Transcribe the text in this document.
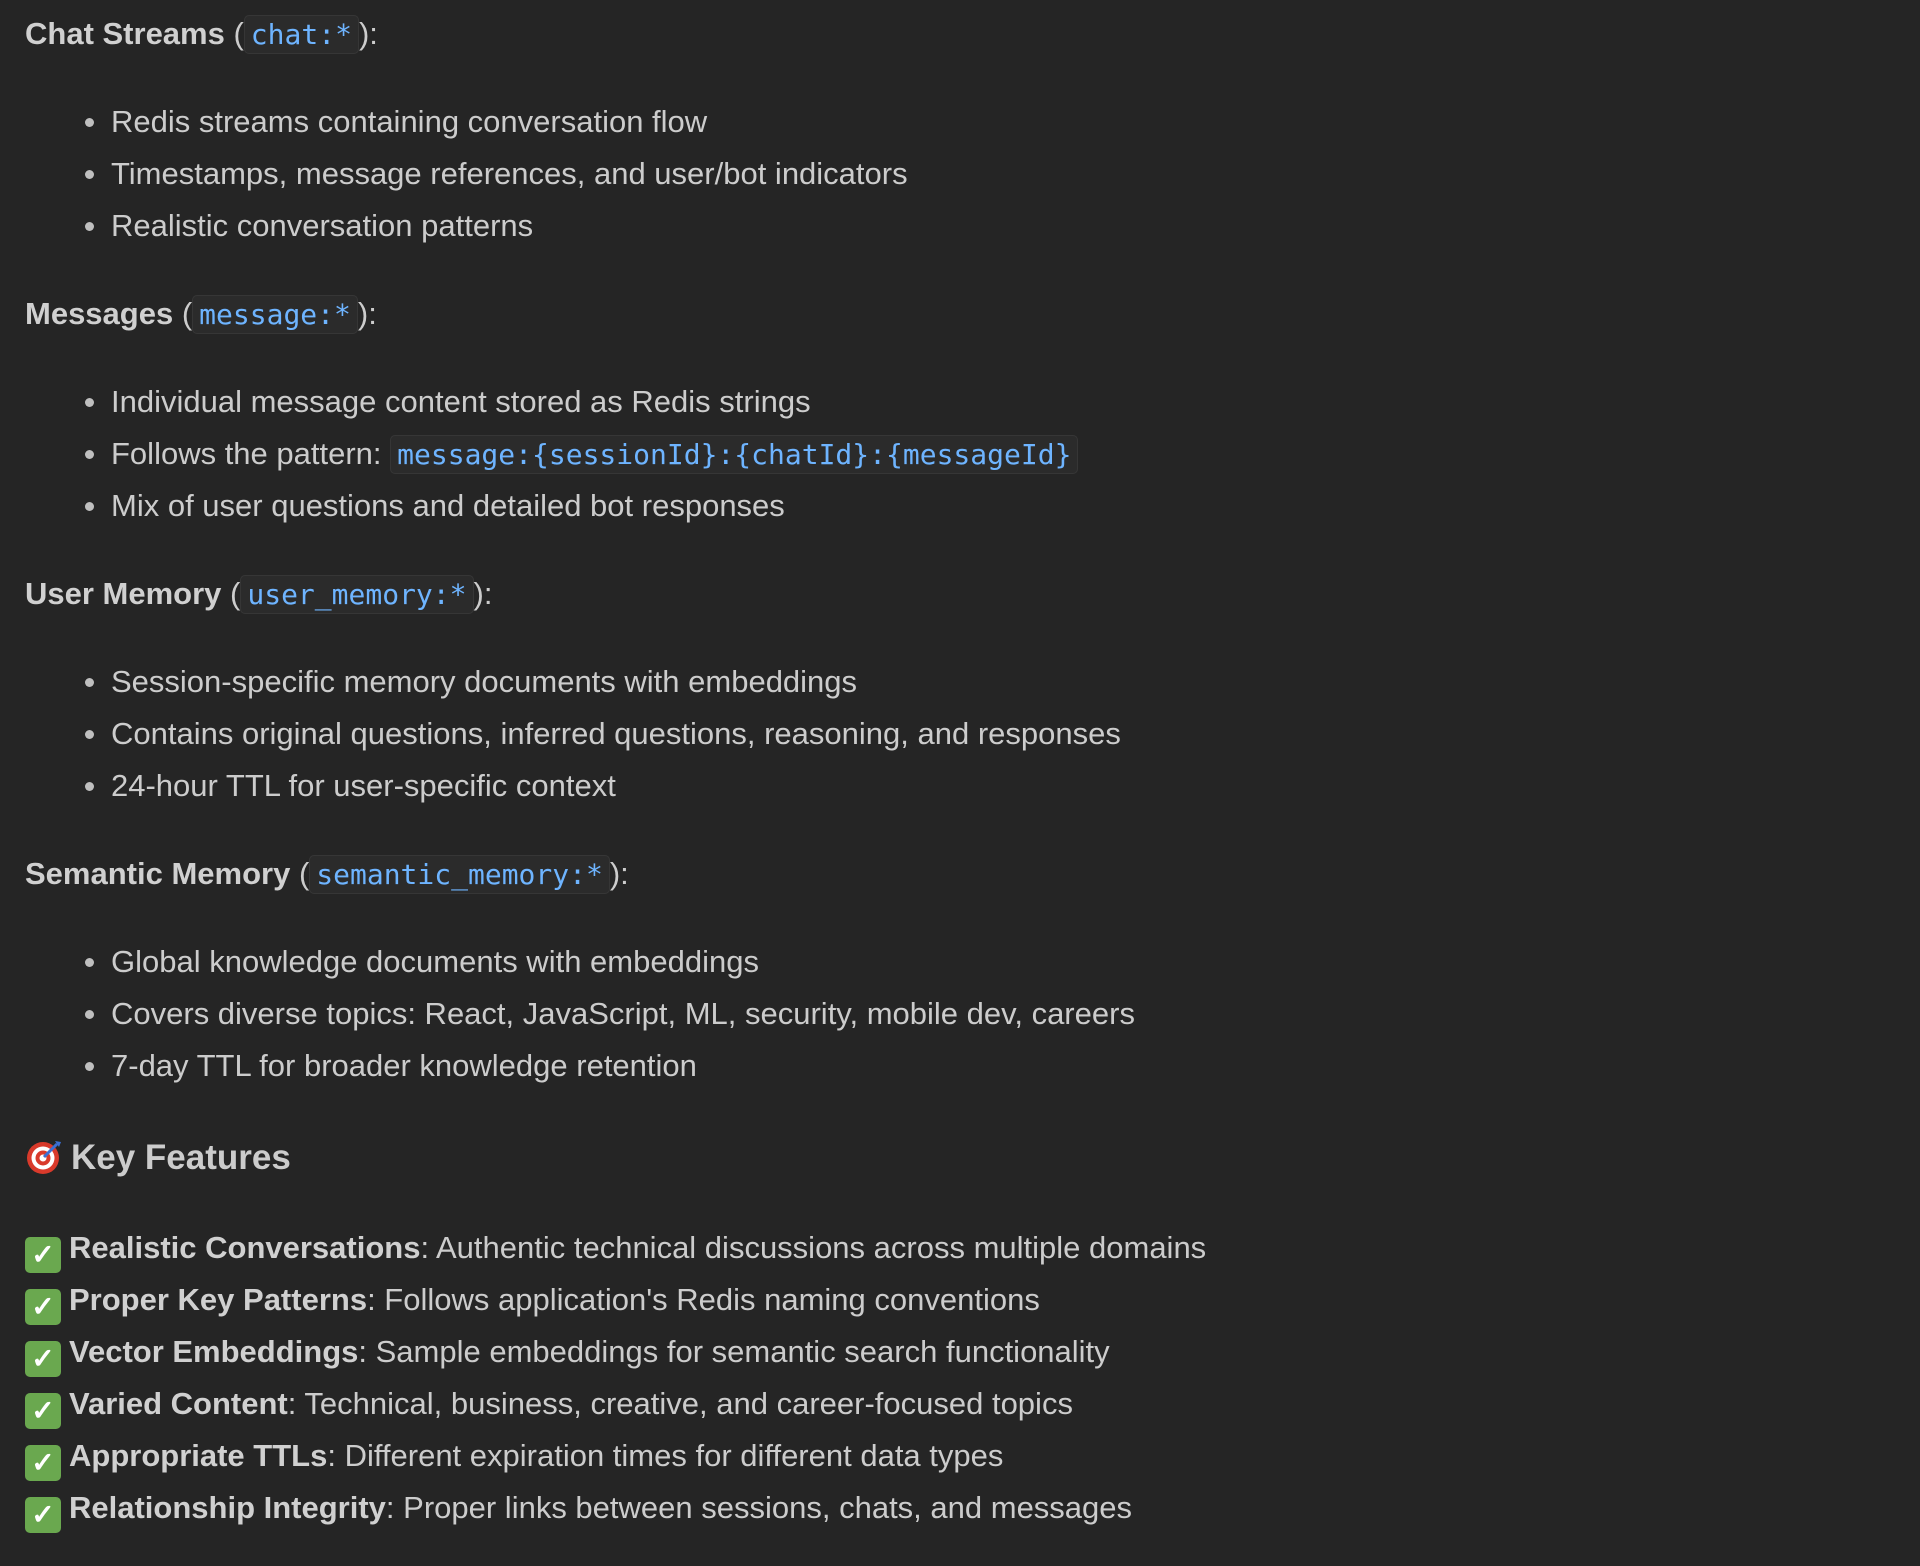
Chat Streams ( chat:* ):
Redis streams containing conversation flow
Timestamps, message references, and user/bot indicators
Realistic conversation patterns
Messages ( message:* ):
Individual message content stored as Redis strings
Follows the pattern: message:{sessionId}:{chatId}:{messageId}
Mix of user questions and detailed bot responses
User Memory ( user_memory:* ):
Session-specific memory documents with embeddings
Contains original questions, inferred questions, reasoning, and responses
24-hour TTL for user-specific context
Semantic Memory ( semantic_memory:* ):
Global knowledge documents with embeddings
Covers diverse topics: React, JavaScript, ML, security, mobile dev, careers
7-day TTL for broader knowledge retention
Key Features
✓ Realistic Conversations: Authentic technical discussions across multiple domains
✓ Proper Key Patterns: Follows application's Redis naming conventions
✓ Vector Embeddings: Sample embeddings for semantic search functionality
✓ Varied Content: Technical, business, creative, and career-focused topics
✓ Appropriate TTLs: Different expiration times for different data types
✓ Relationship Integrity: Proper links between sessions, chats, and messages
